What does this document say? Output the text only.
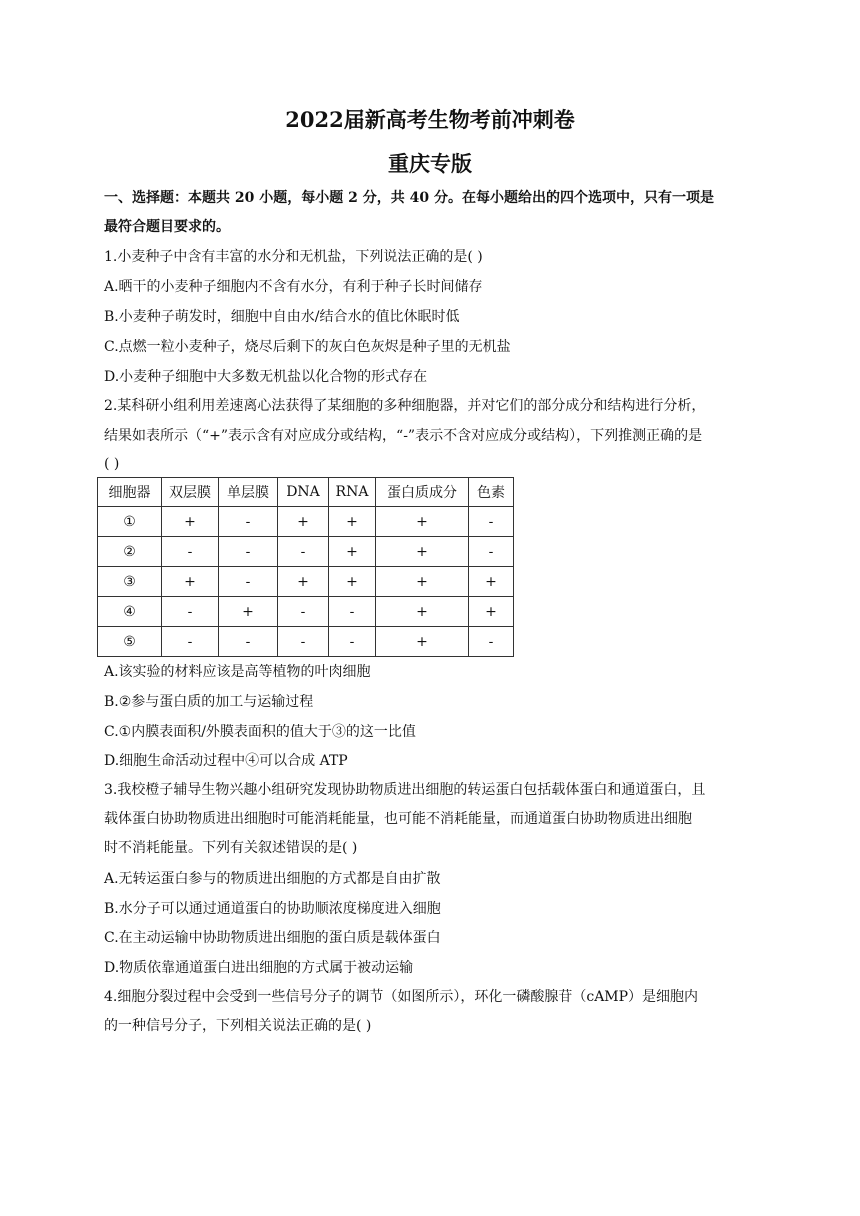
2022届新高考生物考前冲刺卷
重庆专版
一、选择题：本题共 20 小题，每小题 2 分，共 40 分。在每小题给出的四个选项中，只有一项是
最符合题目要求的。
1.小麦种子中含有丰富的水分和无机盐，下列说法正确的是( )
A.晒干的小麦种子细胞内不含有水分，有利于种子长时间储存
B.小麦种子萌发时，细胞中自由水/结合水的值比休眠时低
C.点燃一粒小麦种子，烧尽后剩下的灰白色灰烬是种子里的无机盐
D.小麦种子细胞中大多数无机盐以化合物的形式存在
2.某科研小组利用差速离心法获得了某细胞的多种细胞器，并对它们的部分成分和结构进行分析，
结果如表所示（“+”表示含有对应成分或结构，“-”表示不含对应成分或结构），下列推测正确的是
( )
细胞器	双层膜	单层膜	DNA	RNA	蛋白质成分	色素
①	+	-	+	+	+	-
②	-	-	-	+	+	-
③	+	-	+	+	+	+
④	-	+	-	-	+	+
⑤	-	-	-	-	+	-
A.该实验的材料应该是高等植物的叶肉细胞
B.②参与蛋白质的加工与运输过程
C.①内膜表面积/外膜表面积的值大于③的这一比值
D.细胞生命活动过程中④可以合成 ATP
3.我校橙子辅导生物兴趣小组研究发现协助物质进出细胞的转运蛋白包括载体蛋白和通道蛋白，且
载体蛋白协助物质进出细胞时可能消耗能量，也可能不消耗能量，而通道蛋白协助物质进出细胞
时不消耗能量。下列有关叙述错误的是( )
A.无转运蛋白参与的物质进出细胞的方式都是自由扩散
B.水分子可以通过通道蛋白的协助顺浓度梯度进入细胞
C.在主动运输中协助物质进出细胞的蛋白质是载体蛋白
D.物质依靠通道蛋白进出细胞的方式属于被动运输
4.细胞分裂过程中会受到一些信号分子的调节（如图所示），环化一磷酸腺苷（cAMP）是细胞内
的一种信号分子，下列相关说法正确的是( )
